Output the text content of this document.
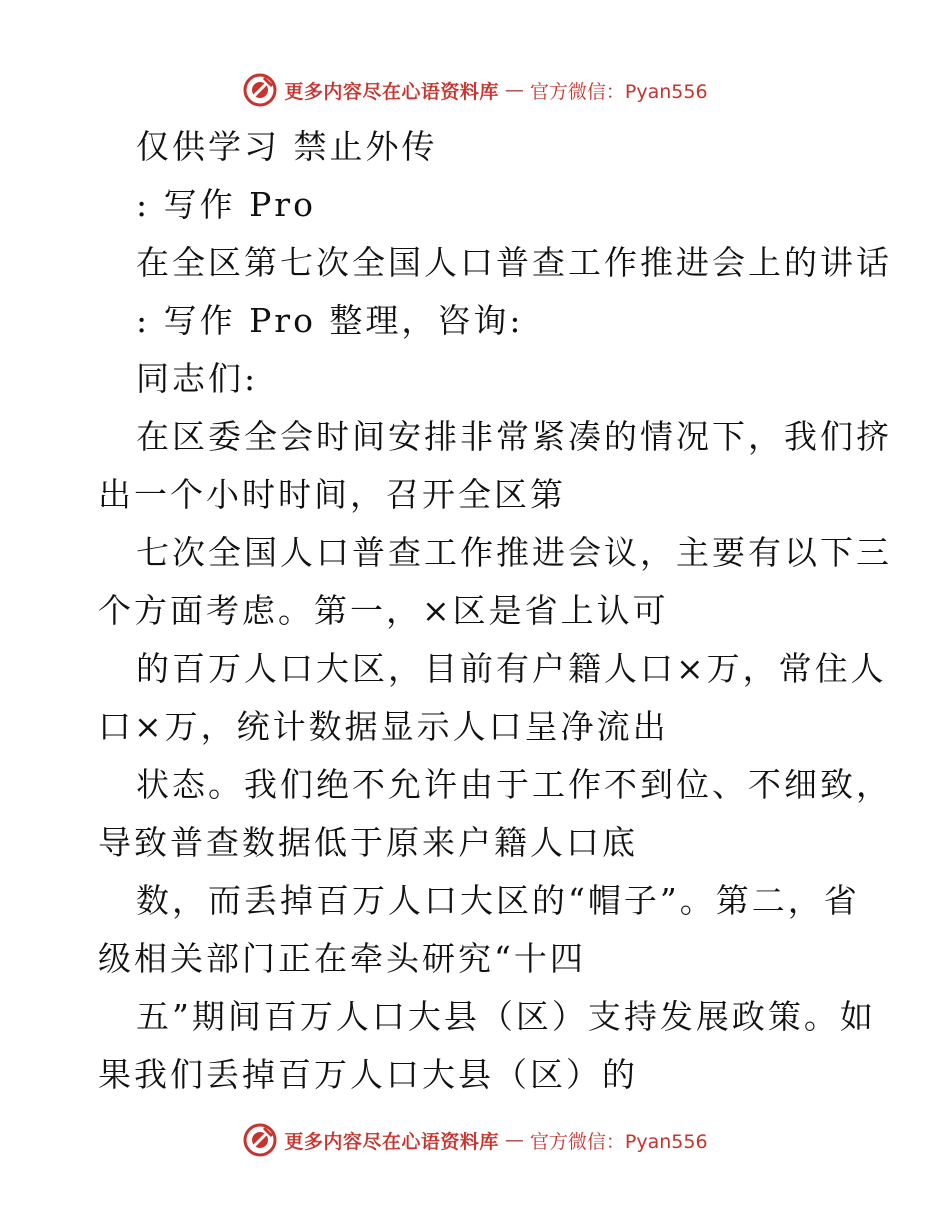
更多内容尽在心语资料库 — 官方微信：Pyan556
仅供学习 禁止外传
: 写作 Pro
在全区第七次全国人口普查工作推进会上的讲话
: 写作 Pro 整理，咨询:
同志们:
在区委全会时间安排非常紧凑的情况下，我们挤
出一个小时时间，召开全区第
七次全国人口普查工作推进会议，主要有以下三
个方面考虑。第一，×区是省上认可
的百万人口大区，目前有户籍人口×万，常住人
口×万，统计数据显示人口呈净流出
状态。我们绝不允许由于工作不到位、不细致，
导致普查数据低于原来户籍人口底
数，而丢掉百万人口大区的“帽子”。第二，省
级相关部门正在牵头研究“十四
五”期间百万人口大县（区）支持发展政策。如
果我们丢掉百万人口大县（区）的
更多内容尽在心语资料库 — 官方微信：Pyan556
